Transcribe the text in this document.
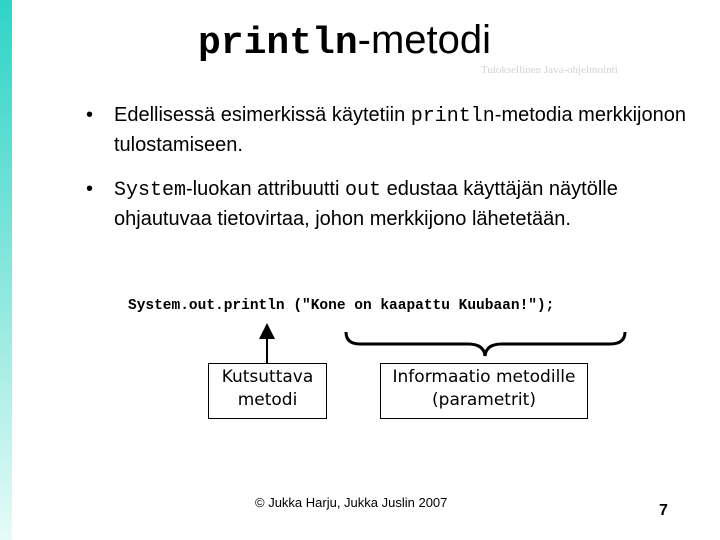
println-metodi
Tuloksellinen Java-ohjelmointi
• Edellisessä esimerkissä käytetiin println-metodia merkkijonon tulostamiseen.
• System-luokan attribuutti out edustaa käyttäjän näytölle ohjautuvaa tietovirtaa, johon merkkijono lähetetään.
System.out.println ("Kone on kaapattu Kuubaan!");
Kutsuttava
metodi
Informaatio metodille
(parametrit)
© Jukka Harju, Jukka Juslin 2007	7
